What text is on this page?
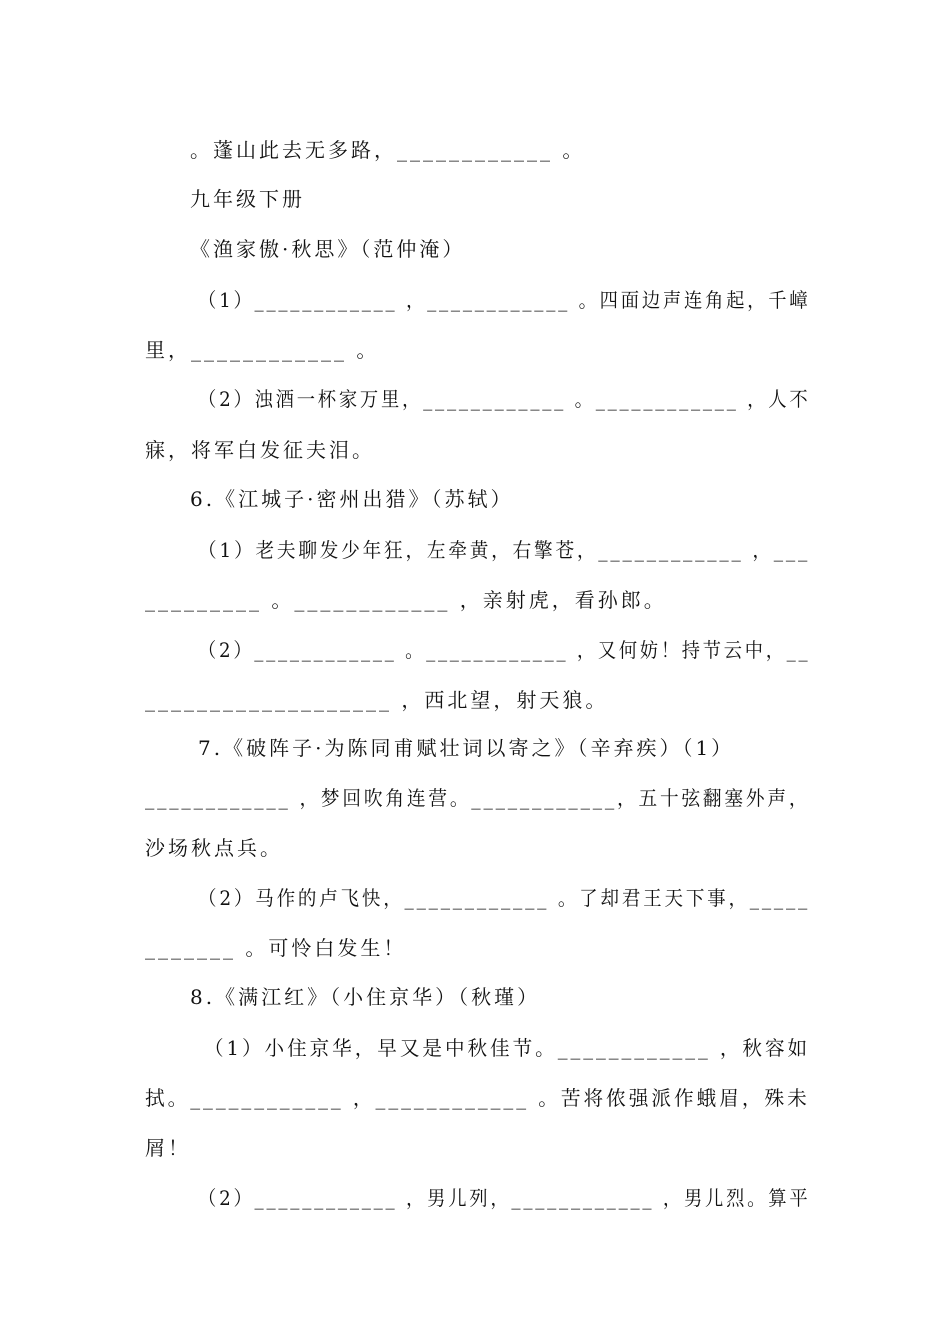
。蓬山此去无多路，____________ 。
九年级下册
《渔家傲·秋思》（范仲淹）
（1）____________ ，____________ 。四面边声连角起，千嶂
里，____________ 。
（2）浊酒一杯家万里，____________ 。____________ ，人不
寐，将军白发征夫泪。
6.《江城子·密州出猎》（苏轼）
（1）老夫聊发少年狂，左牵黄，右擎苍，____________ ，___
_________ 。____________ ，亲射虎，看孙郎。
（2）____________ 。____________ ，又何妨！持节云中，__
___________________ ，西北望，射天狼。
7.《破阵子·为陈同甫赋壮词以寄之》（辛弃疾）（1）
____________ ，梦回吹角连营。____________，五十弦翻塞外声，
沙场秋点兵。
（2）马作的卢飞快，____________ 。了却君王天下事，_____
_______ 。可怜白发生！
8.《满江红》（小住京华）（秋瑾）
（1）小住京华，早又是中秋佳节。____________ ，秋容如
拭。____________ ，____________ 。苦将侬强派作蛾眉，殊未
屑！
（2）____________ ，男儿列，____________ ，男儿烈。算平
